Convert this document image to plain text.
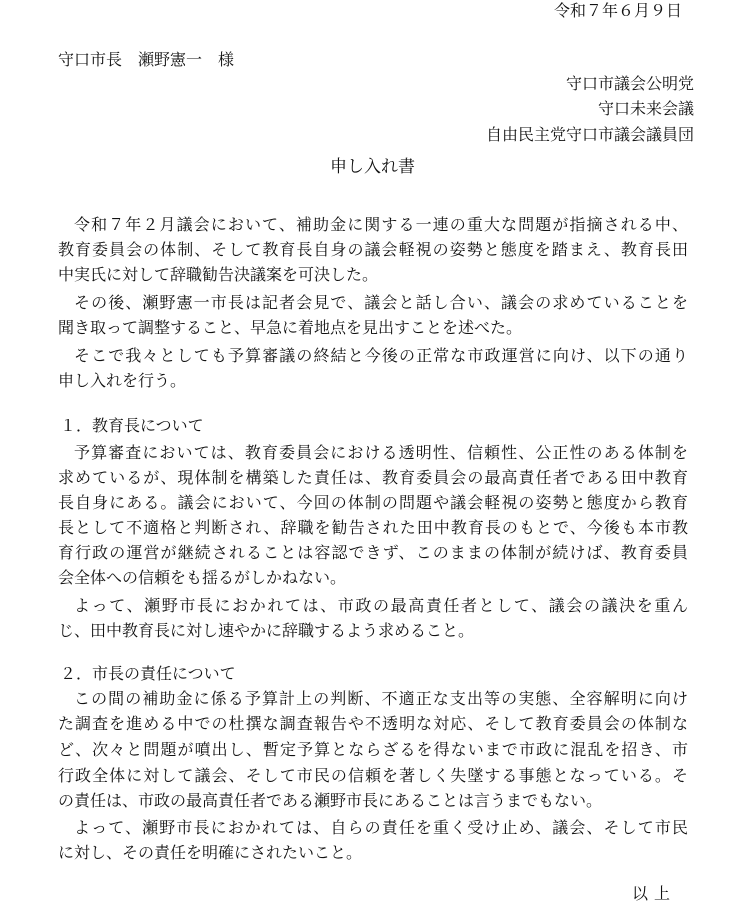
令和７年６月９日
守口市長　瀬野憲一　様
守口市議会公明党
守口未来会議
自由民主党守口市議会議員団
申し入れ書
令和７年２月議会において、補助金に関する一連の重大な問題が指摘される中、
教育委員会の体制、そして教育長自身の議会軽視の姿勢と態度を踏まえ、教育長田
中実氏に対して辞職勧告決議案を可決した。
その後、瀬野憲一市長は記者会見で、議会と話し合い、議会の求めていることを
聞き取って調整すること、早急に着地点を見出すことを述べた。
そこで我々としても予算審議の終結と今後の正常な市政運営に向け、以下の通り
申し入れを行う。
１．教育長について
予算審査においては、教育委員会における透明性、信頼性、公正性のある体制を
求めているが、現体制を構築した責任は、教育委員会の最高責任者である田中教育
長自身にある。議会において、今回の体制の問題や議会軽視の姿勢と態度から教育
長として不適格と判断され、辞職を勧告された田中教育長のもとで、今後も本市教
育行政の運営が継続されることは容認できず、このままの体制が続けば、教育委員
会全体への信頼をも揺るがしかねない。
よって、瀬野市長におかれては、市政の最高責任者として、議会の議決を重ん
じ、田中教育長に対し速やかに辞職するよう求めること。
２．市長の責任について
この間の補助金に係る予算計上の判断、不適正な支出等の実態、全容解明に向け
た調査を進める中での杜撰な調査報告や不透明な対応、そして教育委員会の体制な
ど、次々と問題が噴出し、暫定予算とならざるを得ないまで市政に混乱を招き、市
行政全体に対して議会、そして市民の信頼を著しく失墜する事態となっている。そ
の責任は、市政の最高責任者である瀬野市長にあることは言うまでもない。
よって、瀬野市長におかれては、自らの責任を重く受け止め、議会、そして市民
に対し、その責任を明確にされたいこと。
以上
